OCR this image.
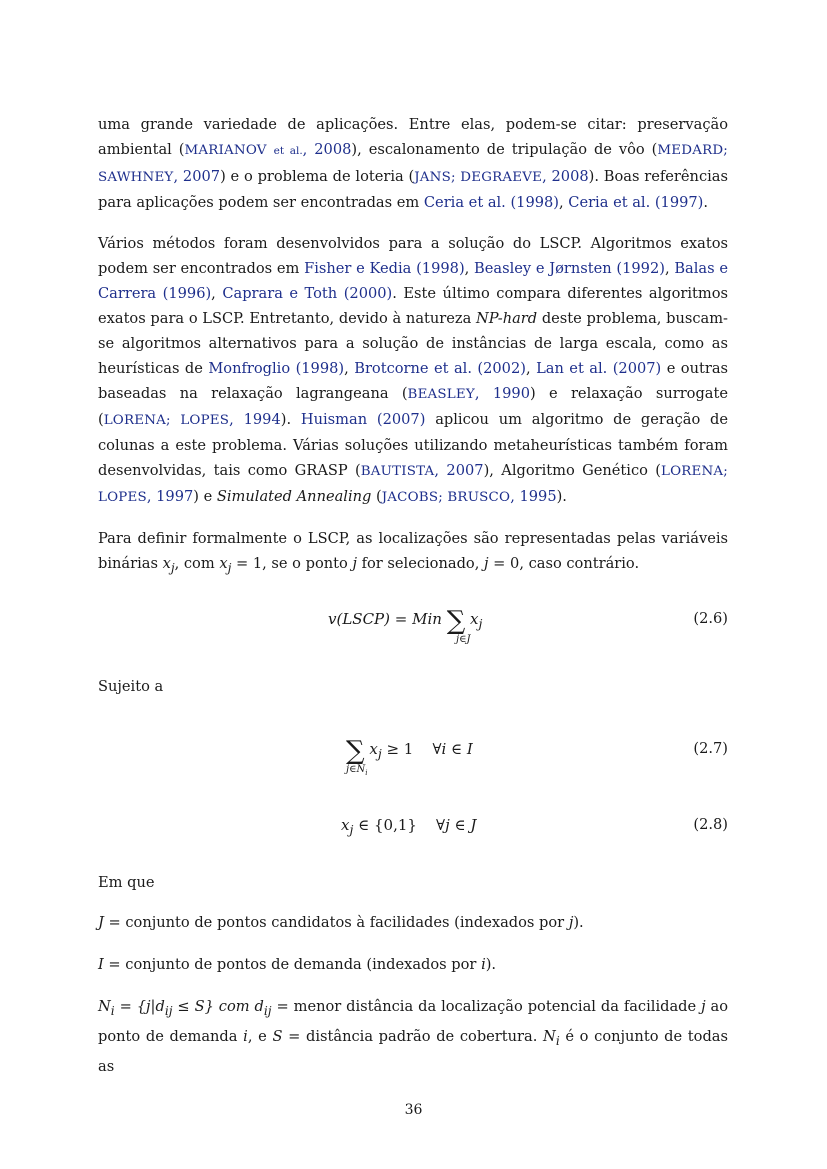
uma grande variedade de aplicações. Entre elas, podem-se citar: preservação ambiental (MARIANOV et al., 2008), escalonamento de tripulação de vôo (MEDARD; SAWHNEY, 2007) e o problema de loteria (JANS; DEGRAEVE, 2008). Boas referências para aplicações podem ser encontradas em Ceria et al. (1998), Ceria et al. (1997).

Vários métodos foram desenvolvidos para a solução do LSCP. Algoritmos exatos podem ser encontrados em Fisher e Kedia (1998), Beasley e Jørnsten (1992), Balas e Carrera (1996), Caprara e Toth (2000). Este último compara diferentes algoritmos exatos para o LSCP. Entretanto, devido à natureza NP-hard deste problema, buscam-se algoritmos alternativos para a solução de instâncias de larga escala, como as heurísticas de Monfroglio (1998), Brotcorne et al. (2002), Lan et al. (2007) e outras baseadas na relaxação lagrangeana (BEASLEY, 1990) e relaxação surrogate (LORENA; LOPES, 1994). Huisman (2007) aplicou um algoritmo de geração de colunas a este problema. Várias soluções utilizando metaheurísticas também foram desenvolvidas, tais como GRASP (BAUTISTA, 2007), Algoritmo Genético (LORENA; LOPES, 1997) e Simulated Annealing (JACOBS; BRUSCO, 1995).

Para definir formalmente o LSCP, as localizações são representadas pelas variáveis binárias $x_j$, com $x_j = 1$, se o ponto j for selecionado, j = 0, caso contrário.

v(LSCP) = Min ∑ $x_j$
j∈J
(2.6)

Sujeito a

∑ $x_j \ge 1$ ∀i ∈ I
$j\in N_i$
(2.7)
$x_j$ ∈ {0,1} ∀j ∈ J	(2.8)

Em que

J = conjunto de pontos candidatos à facilidades (indexados por j).

I = conjunto de pontos de demanda (indexados por i).

$N_i = \{j|d_{ij} \le S\}$ com $d_{ij}$ = menor distância da localização potencial da facilidade j ao ponto de demanda i, e S = distância padrão de cobertura. $N_i$ é o conjunto de todas as

36
